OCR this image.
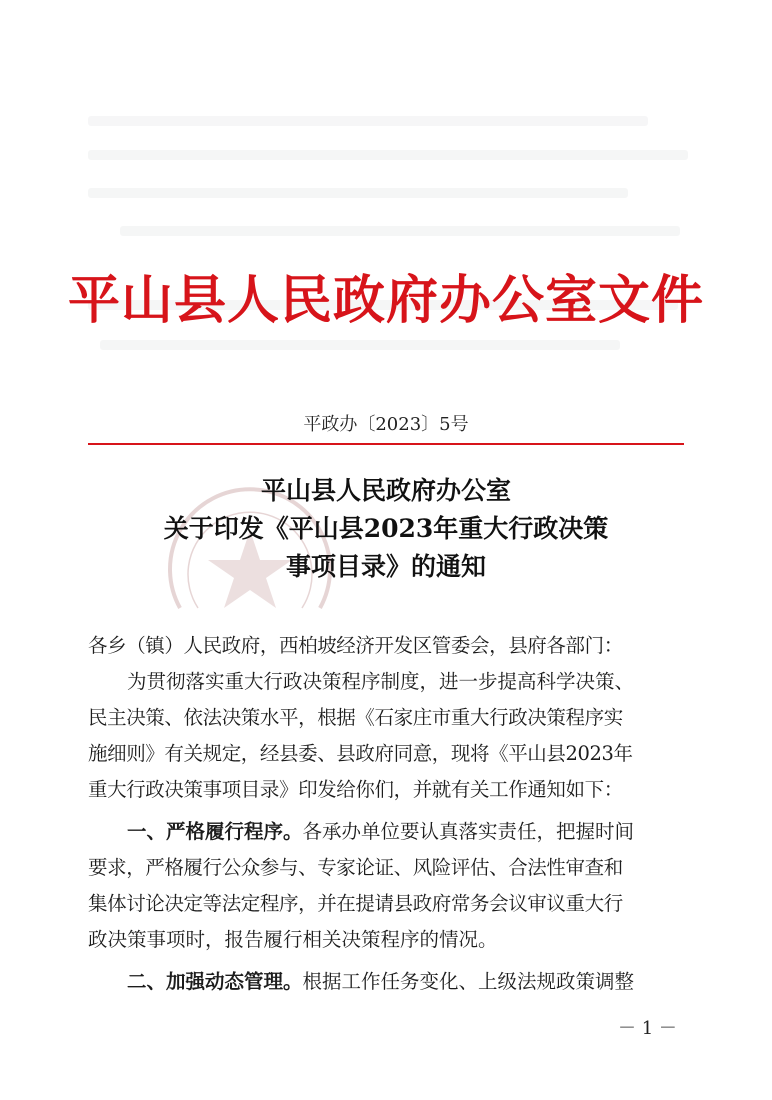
平山县人民政府办公室文件
平政办〔2023〕5号
平山县人民政府办公室
关于印发《平山县2023年重大行政决策
事项目录》的通知

各乡（镇）人民政府，西柏坡经济开发区管委会，县府各部门：

为贯彻落实重大行政决策程序制度，进一步提高科学决策、

民主决策、依法决策水平，根据《石家庄市重大行政决策程序实

施细则》有关规定，经县委、县政府同意，现将《平山县2023年

重大行政决策事项目录》印发给你们，并就有关工作通知如下：

一、严格履行程序。各承办单位要认真落实责任，把握时间

要求，严格履行公众参与、专家论证、风险评估、合法性审查和

集体讨论决定等法定程序，并在提请县政府常务会议审议重大行

政决策事项时，报告履行相关决策程序的情况。

二、加强动态管理。根据工作任务变化、上级法规政策调整

－ 1 －
